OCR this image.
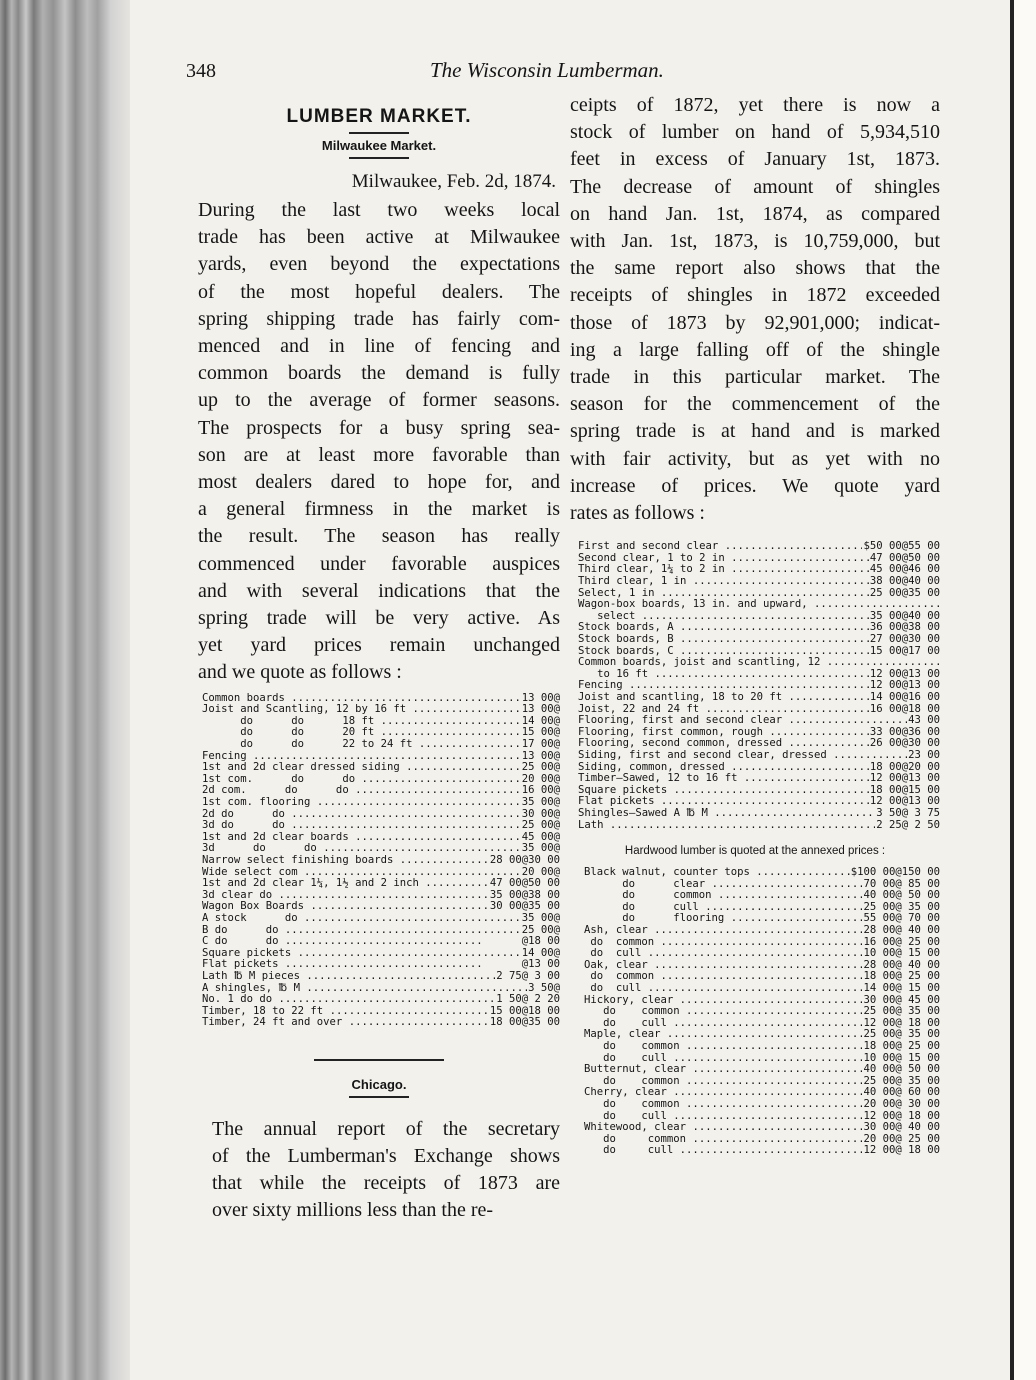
348	The Wisconsin Lumberman.
LUMBER MARKET.
Milwaukee Market.
Milwaukee, Feb. 2d, 1874.

During the last two weeks local
trade has been active at Milwaukee
yards, even beyond the expectations
of the most hopeful dealers. The
spring shipping trade has fairly com-
menced and in line of fencing and
common boards the demand is fully
up to the average of former seasons.
The prospects for a busy spring sea-
son are at least more favorable than
most dealers dared to hope for, and
a general firmness in the market is
the result. The season has really
commenced under favorable auspices
and with several indications that the
spring trade will be very active. As
yet yard prices remain unchanged
and we quote as follows :

Common boards .....	13 00@
Joist and Scantling, 12 by 16 ft .....	13 00@
do      do      18 ft .....	14 00@
do      do      20 ft .....	15 00@
do      do      22 to 24 ft .....	17 00@
Fencing .....	13 00@
1st and 2d clear dressed siding .....	25 00@
1st com.      do      do .....	20 00@
2d com.      do      do .....	16 00@
1st com. flooring .....	35 00@
2d do      do .....	30 00@
3d do      do .....	25 00@
1st and 2d clear boards .....	45 00@
3d      do      do .....	35 00@
Narrow select finishing boards .....	28 00@30 00
Wide select com .....	20 00@
1st and 2d clear 1¼, 1½ and 2 inch .....	47 00@50 00
3d clear do .....	35 00@38 00
Wagon Box Boards .....	30 00@35 00
A stock      do .....	35 00@
B do      do .....	25 00@
C do      do .....	@18 00
Square pickets .....	14 00@
Flat pickets .....	@13 00
Lath ℔ M pieces .....	2 75@ 3 00
A shingles, ℔ M .....	3 50@
No. 1 do do .....	1 50@ 2 20
Timber, 18 to 22 ft .....	15 00@18 00
Timber, 24 ft and over .....	18 00@35 00
Chicago.

The annual report of the secretary
of the Lumberman's Exchange shows
that while the receipts of 1873 are
over sixty millions less than the re-

ceipts of 1872, yet there is now a
stock of lumber on hand of 5,934,510
feet in excess of January 1st, 1873.
The decrease of amount of shingles
on hand Jan. 1st, 1874, as compared
with Jan. 1st, 1873, is 10,759,000, but
the same report also shows that the
receipts of shingles in 1872 exceeded
those of 1873 by 92,901,000; indicat-
ing a large falling off of the shingle
trade in this particular market. The
season for the commencement of the
spring trade is at hand and is marked
with fair activity, but as yet with no
increase of prices. We quote yard
rates as follows :

First and second clear .....	$50 00@55 00
Second clear, 1 to 2 in .....	47 00@50 00
Third clear, 1¼ to 2 in .....	45 00@46 00
Third clear, 1 in .....	38 00@40 00
Select, 1 in .....	25 00@35 00
Wagon-box boards, 13 in. and upward, .....
select .....	35 00@40 00
Stock boards, A .....	36 00@38 00
Stock boards, B .....	27 00@30 00
Stock boards, C .....	15 00@17 00
Common boards, joist and scantling, 12 .....
to 16 ft .....	12 00@13 00
Fencing .....	12 00@13 00
Joist and scantling, 18 to 20 ft .....	14 00@16 00
Joist, 22 and 24 ft .....	16 00@18 00
Flooring, first and second clear .....	43 00
Flooring, first common, rough .....	33 00@36 00
Flooring, second common, dressed .....	26 00@30 00
Siding, first and second clear, dressed .....	23 00
Siding, common, dressed .....	18 00@20 00
Timber—Sawed, 12 to 16 ft .....	12 00@13 00
Square pickets .....	18 00@15 00
Flat pickets .....	12 00@13 00
Shingles—Sawed A ℔ M .....	3 50@ 3 75
Lath .....	2 25@ 2 50
Hardwood lumber is quoted at the annexed prices :
Black walnut, counter tops .....	$100 00@150 00
do      clear .....	70 00@ 85 00
do      common .....	40 00@ 50 00
do      cull .....	25 00@ 35 00
do      flooring .....	55 00@ 70 00
Ash, clear .....	28 00@ 40 00
do  common .....	16 00@ 25 00
do  cull .....	10 00@ 15 00
Oak, clear .....	28 00@ 40 00
do  common .....	18 00@ 25 00
do  cull .....	14 00@ 15 00
Hickory, clear .....	30 00@ 45 00
do    common .....	25 00@ 35 00
do    cull .....	12 00@ 18 00
Maple, clear .....	25 00@ 35 00
do    common .....	18 00@ 25 00
do    cull .....	10 00@ 15 00
Butternut, clear .....	40 00@ 50 00
do    common .....	25 00@ 35 00
Cherry, clear .....	40 00@ 60 00
do    common .....	20 00@ 30 00
do    cull .....	12 00@ 18 00
Whitewood, clear .....	30 00@ 40 00
do     common .....	20 00@ 25 00
do     cull .....	12 00@ 18 00
